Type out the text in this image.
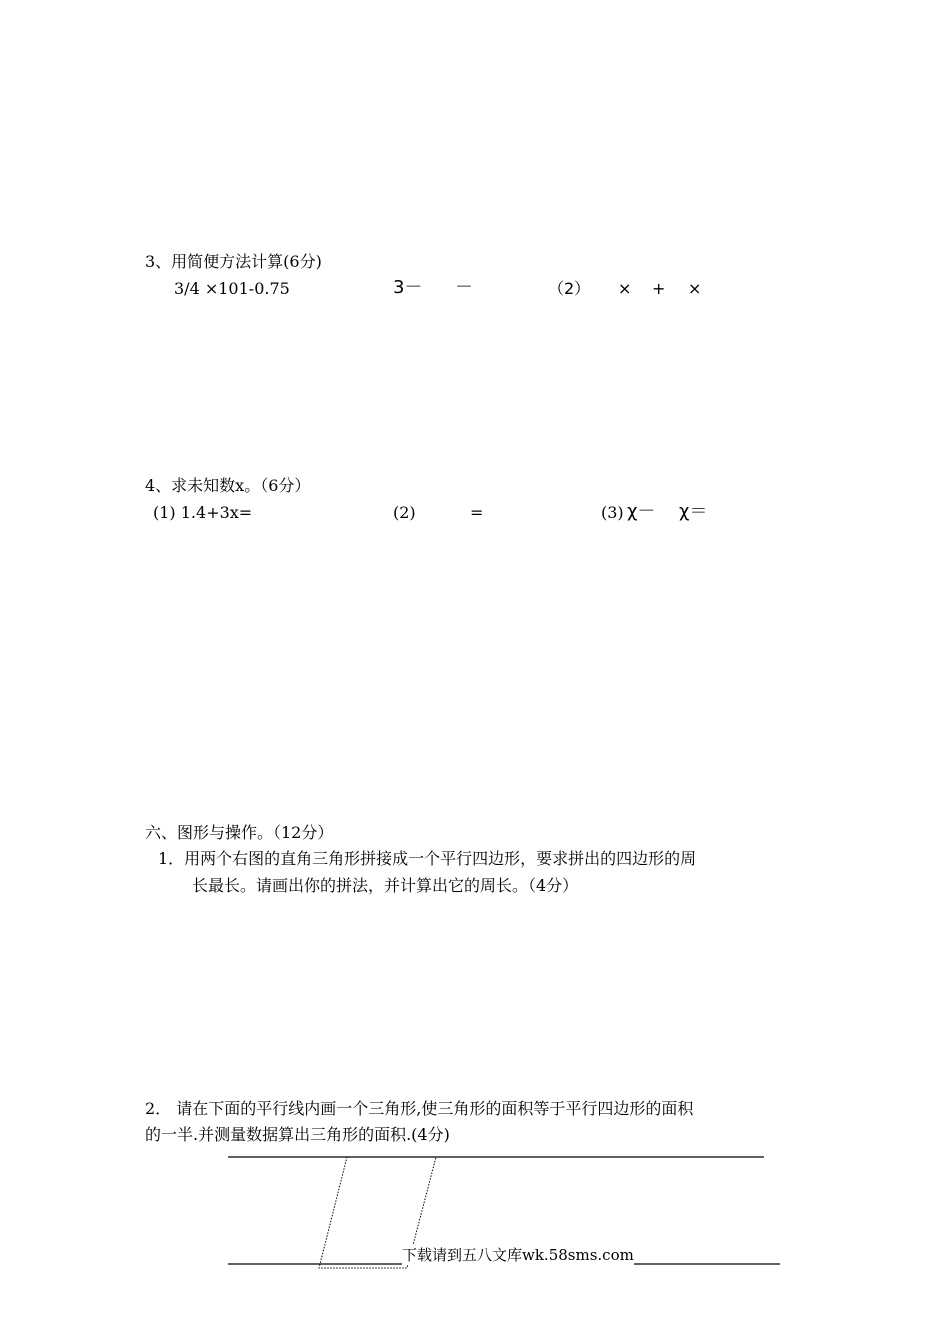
3、用简便方法计算(6分)
3/4 ×101-0.75	3－ －	（2） × + ×
4、求未知数x。（6分）
(1) 1.4+3x=	(2)	=	(3) χ－ χ＝
六、图形与操作。（12分）
1．用两个右图的直角三角形拼接成一个平行四边形，要求拼出的四边形的周
长最长。请画出你的拼法，并计算出它的周长。（4分）
2． 请在下面的平行线内画一个三角形,使三角形的面积等于平行四边形的面积
的一半.并测量数据算出三角形的面积.(4分)
下载请到五八文库wk.58sms.com
